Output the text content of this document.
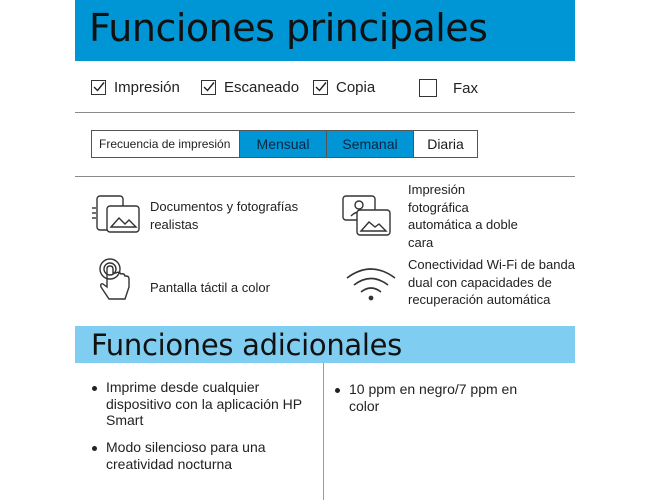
Funciones principales
Impresión	Escaneado Copia	Fax
Frecuencia de impresión	Mensual	Semanal	Diaria
Documentos y fotografías realistas
Impresión fotográfica automática a doble cara
Pantalla táctil a color
Conectividad Wi-Fi de banda dual con capacidades de recuperación automática
Funciones adicionales
Imprime desde cualquier dispositivo con la aplicación HP Smart
Modo silencioso para una creatividad nocturna
10 ppm en negro/7 ppm en color
